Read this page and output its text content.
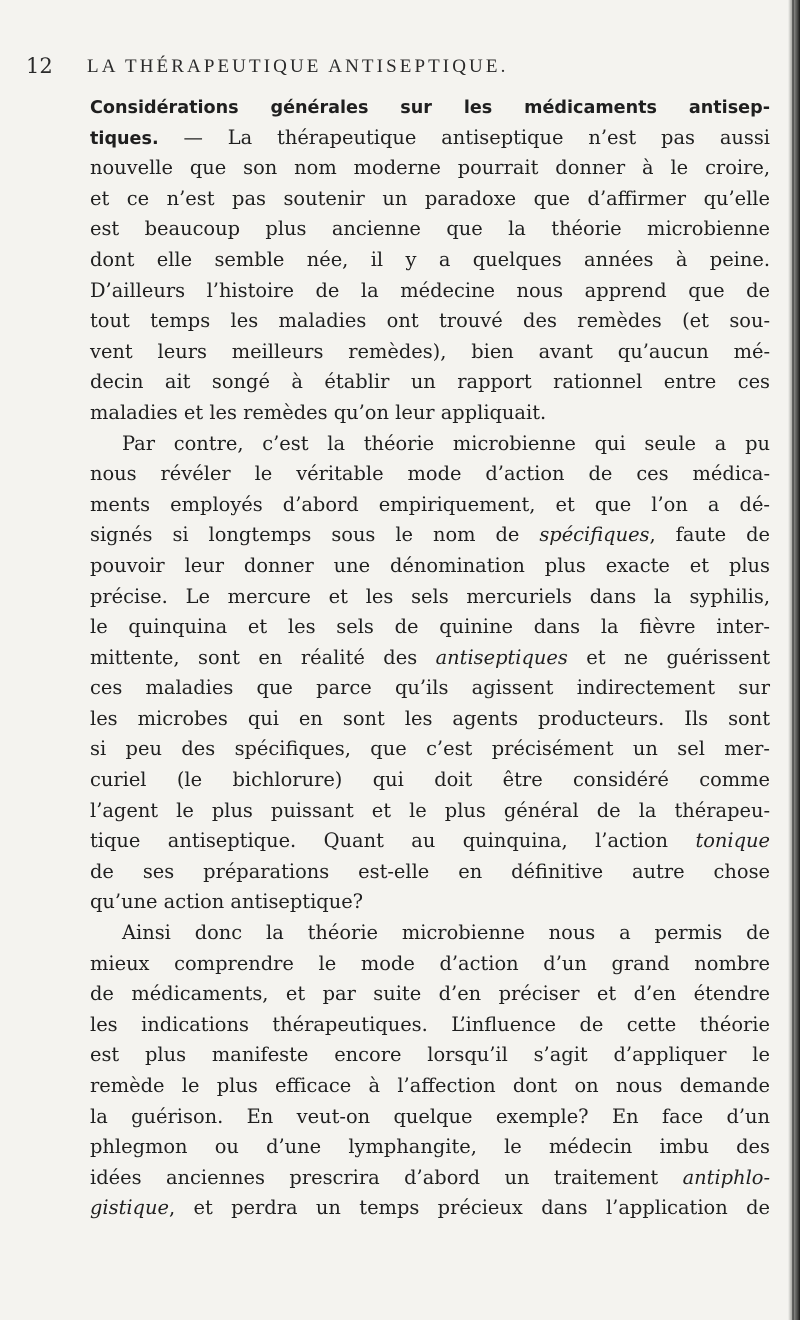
12 LA THÉRAPEUTIQUE ANTISEPTIQUE.
Considérations générales sur les médicaments antisep-
tiques. — La thérapeutique antiseptique n’est pas aussi
nouvelle que son nom moderne pourrait donner à le croire,
et ce n’est pas soutenir un paradoxe que d’affirmer qu’elle
est beaucoup plus ancienne que la théorie microbienne
dont elle semble née, il y a quelques années à peine.
D’ailleurs l’histoire de la médecine nous apprend que de
tout temps les maladies ont trouvé des remèdes (et sou-
vent leurs meilleurs remèdes), bien avant qu’aucun mé-
decin ait songé à établir un rapport rationnel entre ces
maladies et les remèdes qu’on leur appliquait.
Par contre, c’est la théorie microbienne qui seule a pu
nous révéler le véritable mode d’action de ces médica-
ments employés d’abord empiriquement, et que l’on a dé-
signés si longtemps sous le nom de spécifiques, faute de
pouvoir leur donner une dénomination plus exacte et plus
précise. Le mercure et les sels mercuriels dans la syphilis,
le quinquina et les sels de quinine dans la fièvre inter-
mittente, sont en réalité des antiseptiques et ne guérissent
ces maladies que parce qu’ils agissent indirectement sur
les microbes qui en sont les agents producteurs. Ils sont
si peu des spécifiques, que c’est précisément un sel mer-
curiel (le bichlorure) qui doit être considéré comme
l’agent le plus puissant et le plus général de la thérapeu-
tique antiseptique. Quant au quinquina, l’action tonique
de ses préparations est-elle en définitive autre chose
qu’une action antiseptique?
Ainsi donc la théorie microbienne nous a permis de
mieux comprendre le mode d’action d’un grand nombre
de médicaments, et par suite d’en préciser et d’en étendre
les indications thérapeutiques. L’influence de cette théorie
est plus manifeste encore lorsqu’il s’agit d’appliquer le
remède le plus efficace à l’affection dont on nous demande
la guérison. En veut-on quelque exemple? En face d’un
phlegmon ou d’une lymphangite, le médecin imbu des
idées anciennes prescrira d’abord un traitement antiphlo-
gistique, et perdra un temps précieux dans l’application de
